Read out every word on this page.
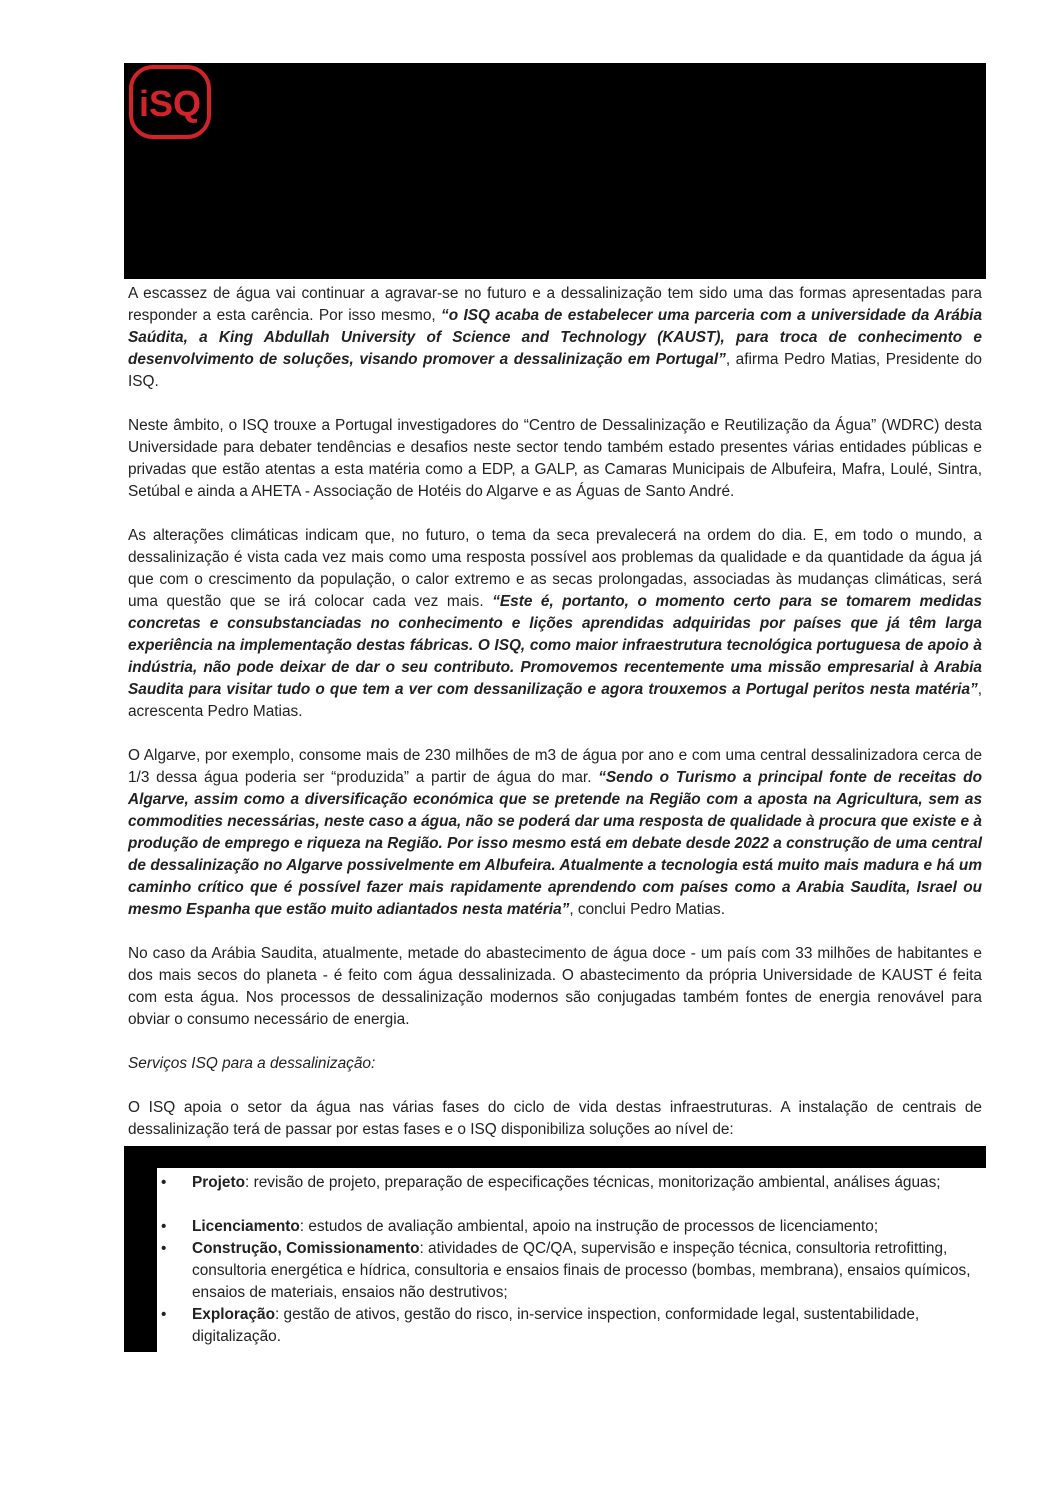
iSQ

A escassez de água vai continuar a agravar-se no futuro e a dessalinização tem sido uma das formas apresentadas para responder a esta carência. Por isso mesmo, “o ISQ acaba de estabelecer uma parceria com a universidade da Arábia Saúdita, a King Abdullah University of Science and Technology (KAUST), para troca de conhecimento e desenvolvimento de soluções, visando promover a dessalinização em Portugal”, afirma Pedro Matias, Presidente do ISQ.

Neste âmbito, o ISQ trouxe a Portugal investigadores do “Centro de Dessalinização e Reutilização da Água” (WDRC) desta Universidade para debater tendências e desafios neste sector tendo também estado presentes várias entidades públicas e privadas que estão atentas a esta matéria como a EDP, a GALP, as Camaras Municipais de Albufeira, Mafra, Loulé, Sintra, Setúbal e ainda a AHETA - Associação de Hotéis do Algarve e as Águas de Santo André.

As alterações climáticas indicam que, no futuro, o tema da seca prevalecerá na ordem do dia. E, em todo o mundo, a dessalinização é vista cada vez mais como uma resposta possível aos problemas da qualidade e da quantidade da água já que com o crescimento da população, o calor extremo e as secas prolongadas, associadas às mudanças climáticas, será uma questão que se irá colocar cada vez mais. “Este é, portanto, o momento certo para se tomarem medidas concretas e consubstanciadas no conhecimento e lições aprendidas adquiridas por países que já têm larga experiência na implementação destas fábricas. O ISQ, como maior infraestrutura tecnológica portuguesa de apoio à indústria, não pode deixar de dar o seu contributo. Promovemos recentemente uma missão empresarial à Arabia Saudita para visitar tudo o que tem a ver com dessanilização e agora trouxemos a Portugal peritos nesta matéria”, acrescenta Pedro Matias.

O Algarve, por exemplo, consome mais de 230 milhões de m3 de água por ano e com uma central dessalinizadora cerca de 1/3 dessa água poderia ser “produzida” a partir de água do mar. “Sendo o Turismo a principal fonte de receitas do Algarve, assim como a diversificação económica que se pretende na Região com a aposta na Agricultura, sem as commodities necessárias, neste caso a água, não se poderá dar uma resposta de qualidade à procura que existe e à produção de emprego e riqueza na Região. Por isso mesmo está em debate desde 2022 a construção de uma central de dessalinização no Algarve possivelmente em Albufeira. Atualmente a tecnologia está muito mais madura e há um caminho crítico que é possível fazer mais rapidamente aprendendo com países como a Arabia Saudita, Israel ou mesmo Espanha que estão muito adiantados nesta matéria”, conclui Pedro Matias.

No caso da Arábia Saudita, atualmente, metade do abastecimento de água doce - um país com 33 milhões de habitantes e dos mais secos do planeta - é feito com água dessalinizada. O abastecimento da própria Universidade de KAUST é feita com esta água. Nos processos de dessalinização modernos são conjugadas também fontes de energia renovável para obviar o consumo necessário de energia.

Serviços ISQ para a dessalinização:

O ISQ apoia o setor da água nas várias fases do ciclo de vida destas infraestruturas. A instalação de centrais de dessalinização terá de passar por estas fases e o ISQ disponibiliza soluções ao nível de:

• Projeto: revisão de projeto, preparação de especificações técnicas, monitorização ambiental, análises águas;
• Licenciamento: estudos de avaliação ambiental, apoio na instrução de processos de licenciamento;
• Construção, Comissionamento: atividades de QC/QA, supervisão e inspeção técnica, consultoria retrofitting, consultoria energética e hídrica, consultoria e ensaios finais de processo (bombas, membrana), ensaios químicos, ensaios de materiais, ensaios não destrutivos;
• Exploração: gestão de ativos, gestão do risco, in-service inspection, conformidade legal, sustentabilidade, digitalização.
